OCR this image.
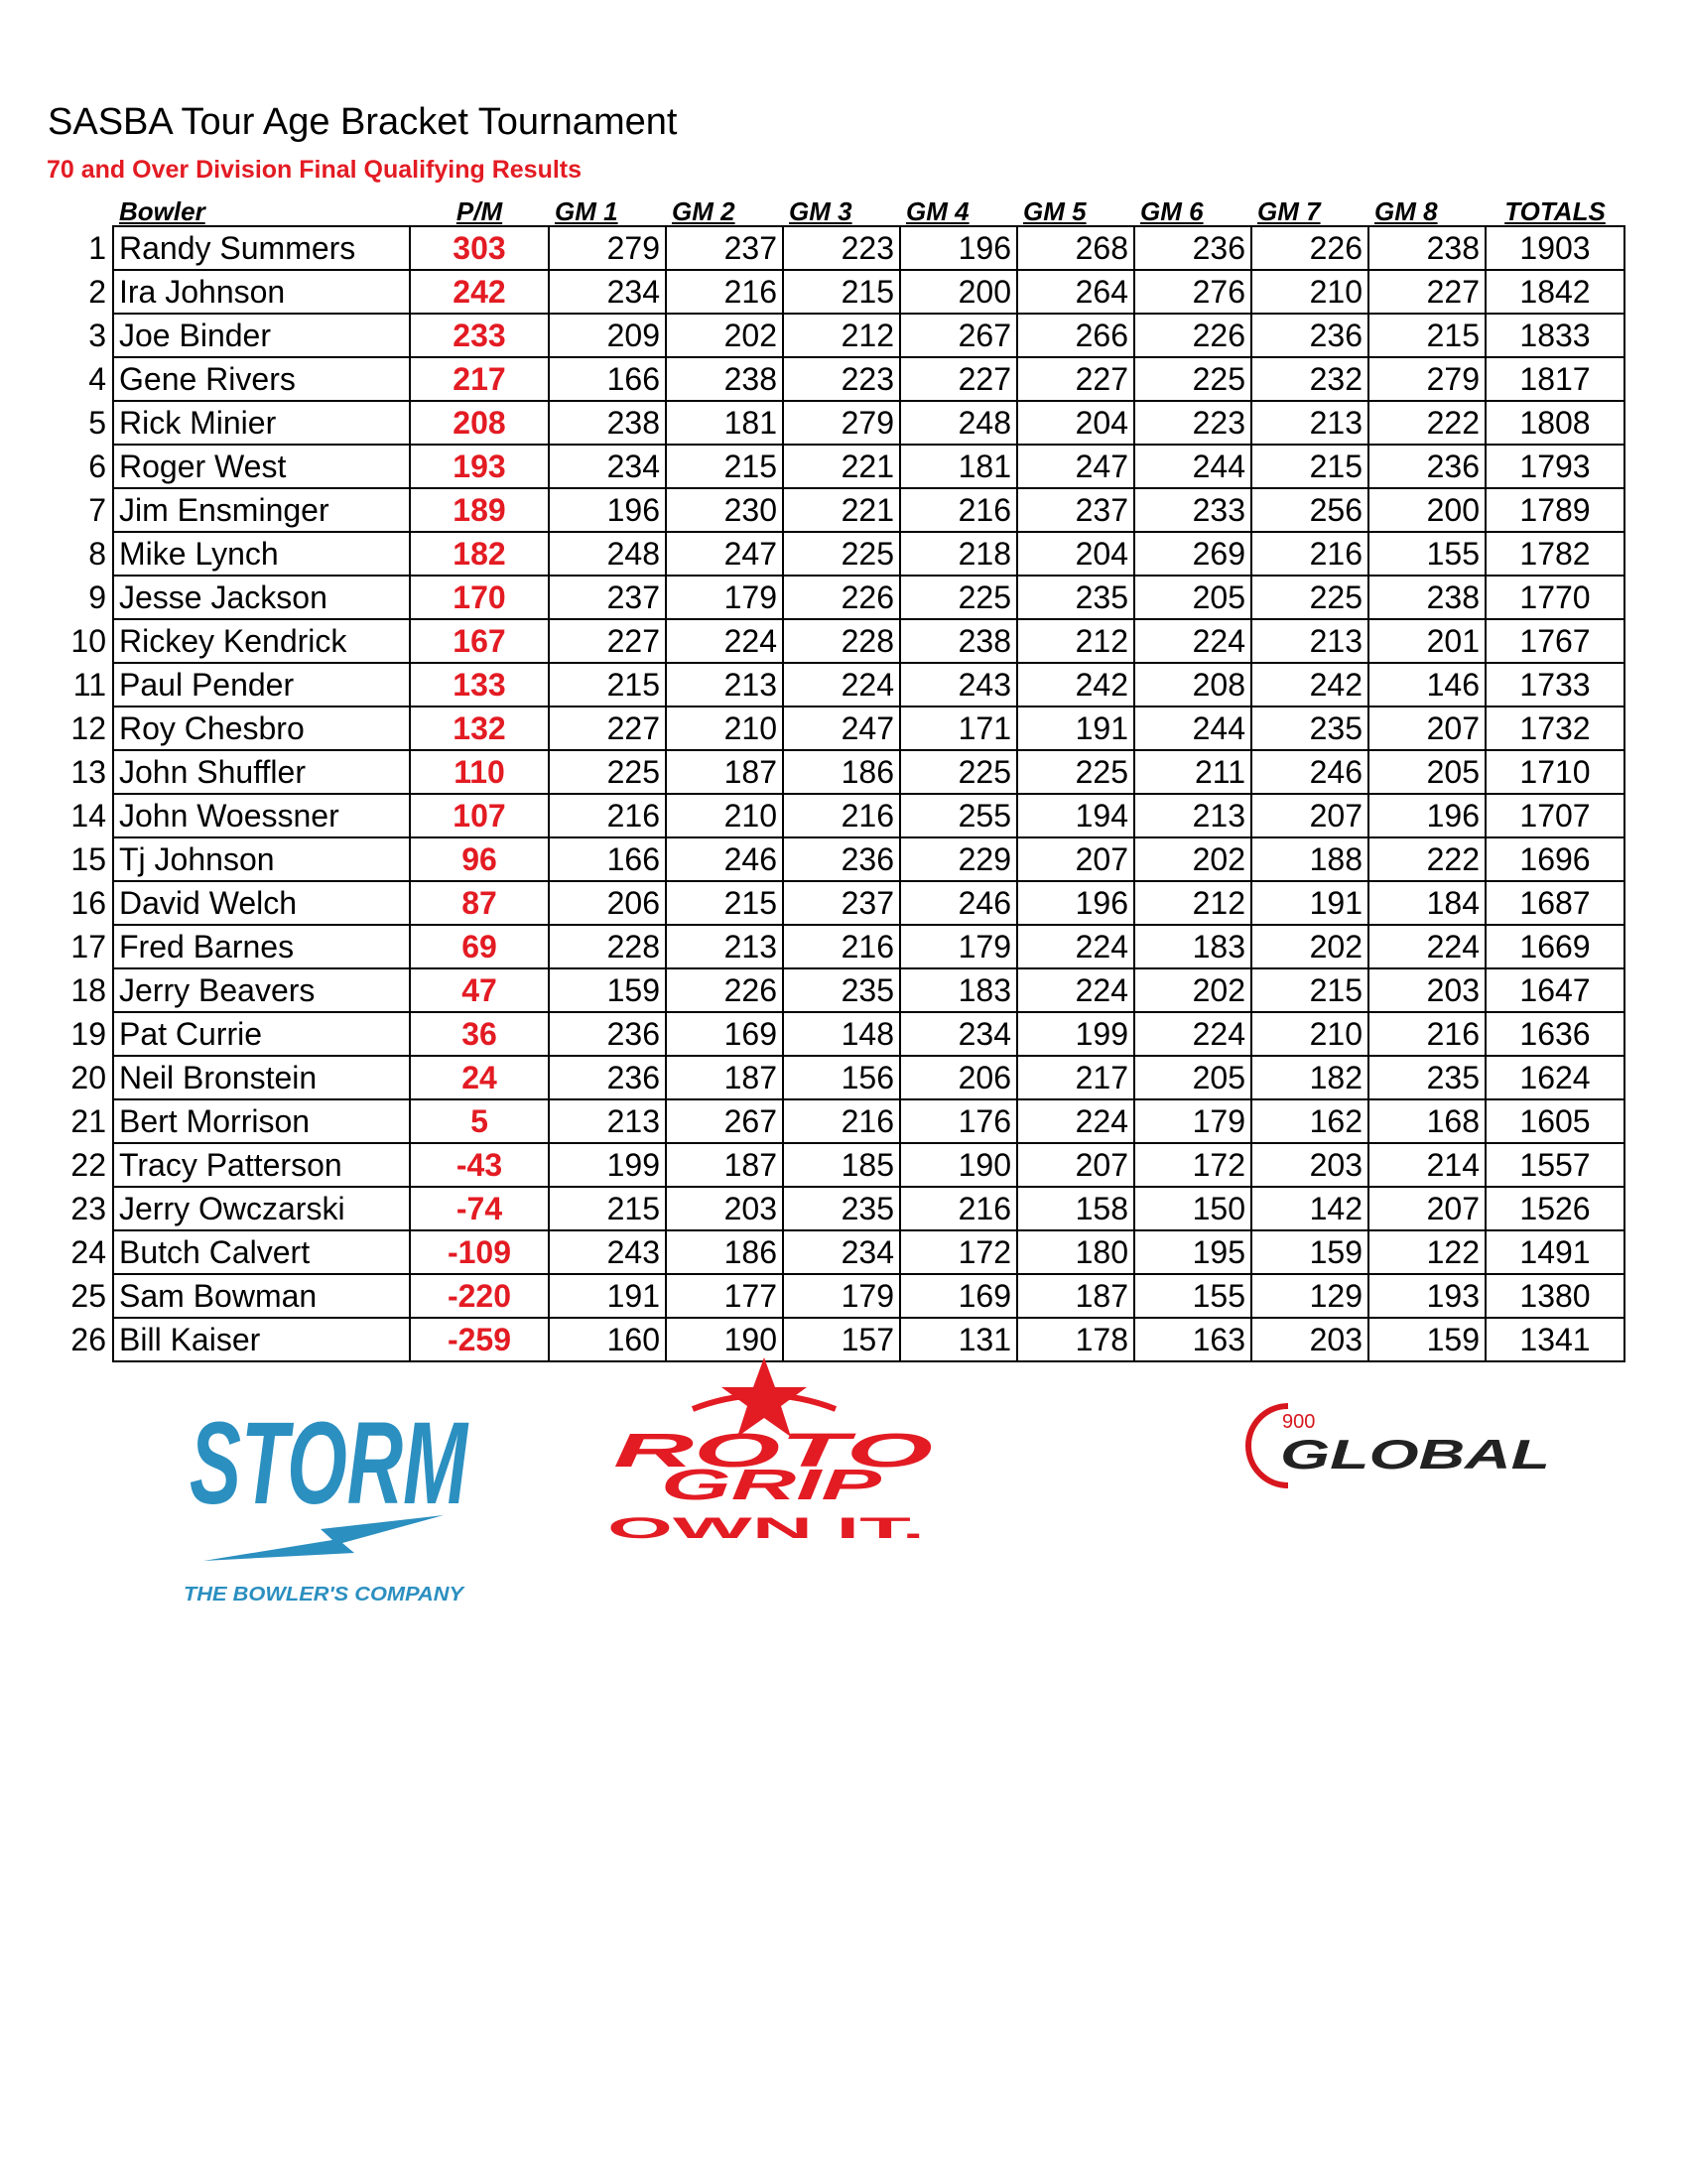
SASBA Tour Age Bracket Tournament
70 and Over Division Final Qualifying Results
	Bowler	P/M	GM 1	GM 2	GM 3	GM 4	GM 5	GM 6	GM 7	GM 8	TOTALS
1	Randy Summers	303	279	237	223	196	268	236	226	238	1903
2	Ira Johnson	242	234	216	215	200	264	276	210	227	1842
3	Joe Binder	233	209	202	212	267	266	226	236	215	1833
4	Gene Rivers	217	166	238	223	227	227	225	232	279	1817
5	Rick Minier	208	238	181	279	248	204	223	213	222	1808
6	Roger West	193	234	215	221	181	247	244	215	236	1793
7	Jim Ensminger	189	196	230	221	216	237	233	256	200	1789
8	Mike Lynch	182	248	247	225	218	204	269	216	155	1782
9	Jesse Jackson	170	237	179	226	225	235	205	225	238	1770
10	Rickey Kendrick	167	227	224	228	238	212	224	213	201	1767
11	Paul Pender	133	215	213	224	243	242	208	242	146	1733
12	Roy Chesbro	132	227	210	247	171	191	244	235	207	1732
13	John Shuffler	110	225	187	186	225	225	211	246	205	1710
14	John Woessner	107	216	210	216	255	194	213	207	196	1707
15	Tj Johnson	96	166	246	236	229	207	202	188	222	1696
16	David Welch	87	206	215	237	246	196	212	191	184	1687
17	Fred Barnes	69	228	213	216	179	224	183	202	224	1669
18	Jerry Beavers	47	159	226	235	183	224	202	215	203	1647
19	Pat Currie	36	236	169	148	234	199	224	210	216	1636
20	Neil Bronstein	24	236	187	156	206	217	205	182	235	1624
21	Bert Morrison	5	213	267	216	176	224	179	162	168	1605
22	Tracy Patterson	-43	199	187	185	190	207	172	203	214	1557
23	Jerry Owczarski	-74	215	203	235	216	158	150	142	207	1526
24	Butch Calvert	-109	243	186	234	172	180	195	159	122	1491
25	Sam Bowman	-220	191	177	179	169	187	155	129	193	1380
26	Bill Kaiser	-259	160	190	157	131	178	163	203	159	1341
STORM
THE BOWLER'S COMPANY
ROTO
GRIP
OWN IT.
900
GLOBAL
